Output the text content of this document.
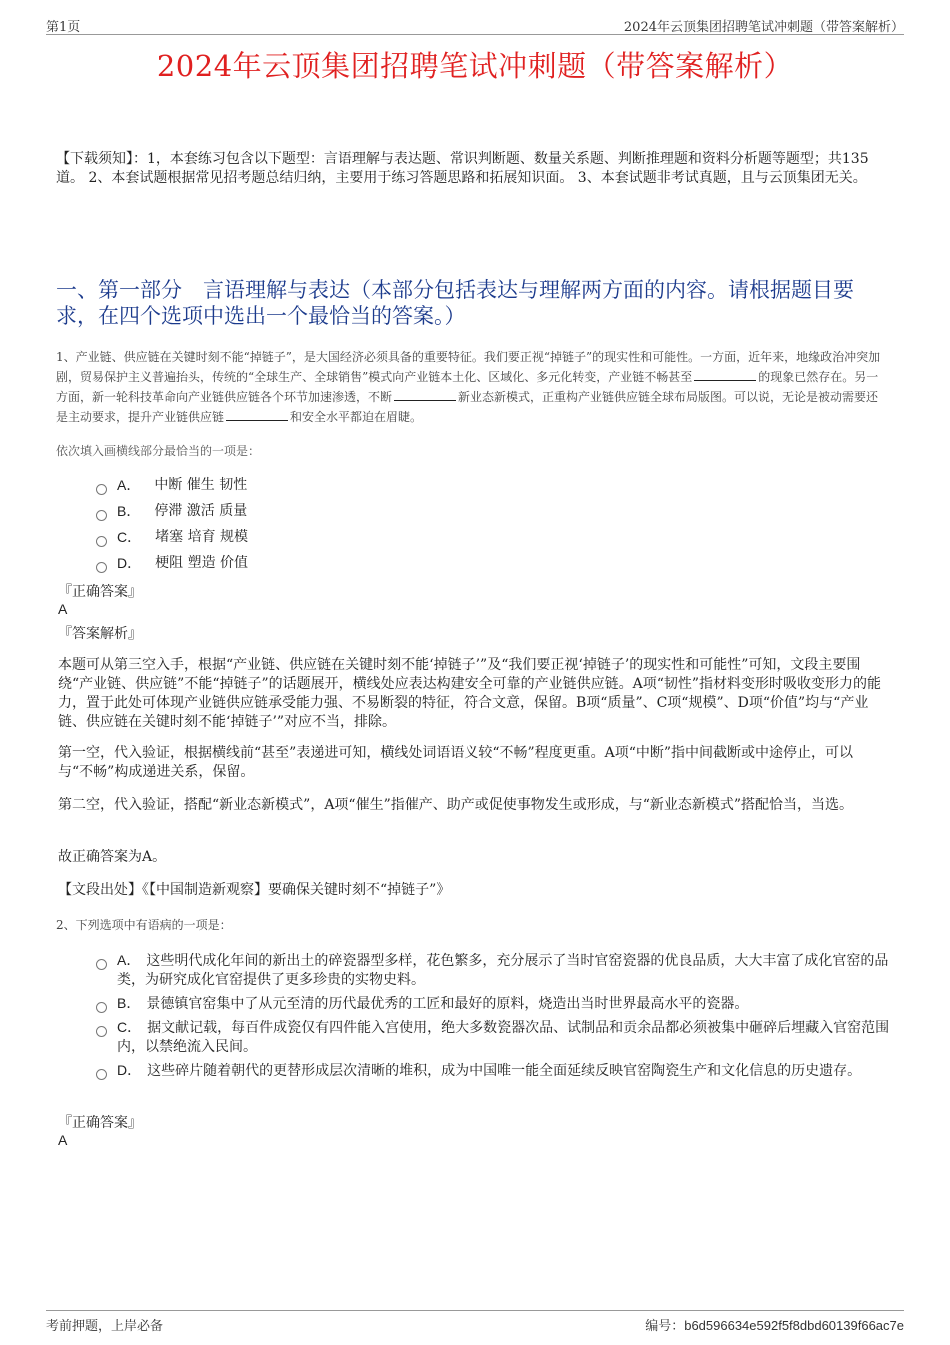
第1页	2024年云顶集团招聘笔试冲刺题（带答案解析）
2024年云顶集团招聘笔试冲刺题（带答案解析）
【下载须知】：1，本套练习包含以下题型：言语理解与表达题、常识判断题、数量关系题、判断推理题和资料分析题等题型；共135道。 2、本套试题根据常见招考题总结归纳，主要用于练习答题思路和拓展知识面。 3、本套试题非考试真题，且与云顶集团无关。
一、第一部分　言语理解与表达（本部分包括表达与理解两方面的内容。请根据题目要求，在四个选项中选出一个最恰当的答案。）
1、产业链、供应链在关键时刻不能“掉链子”，是大国经济必须具备的重要特征。我们要正视“掉链子”的现实性和可能性。一方面，近年来，地缘政治冲突加剧，贸易保护主义普遍抬头，传统的“全球生产、全球销售”模式向产业链本土化、区域化、多元化转变，产业链不畅甚至	的现象已然存在。另一方面，新一轮科技革命向产业链供应链各个环节加速渗透，不断	新业态新模式，正重构产业链供应链全球布局版图。可以说，无论是被动需要还是主动要求，提升产业链供应链	和安全水平都迫在眉睫。
依次填入画横线部分最恰当的一项是：
A． 中断 催生 韧性
B． 停滞 激活 质量
C． 堵塞 培育 规模
D． 梗阻 塑造 价值
『正确答案』
A
『答案解析』
本题可从第三空入手，根据“产业链、供应链在关键时刻不能‘掉链子’”及“我们要正视‘掉链子’的现实性和可能性”可知，文段主要围绕“产业链、供应链”不能“掉链子”的话题展开，横线处应表达构建安全可靠的产业链供应链。A项“韧性”指材料变形时吸收变形力的能力，置于此处可体现产业链供应链承受能力强、不易断裂的特征，符合文意，保留。B项“质量”、C项“规模”、D项“价值”均与“产业链、供应链在关键时刻不能‘掉链子’”对应不当，排除。
第一空，代入验证，根据横线前“甚至”表递进可知，横线处词语语义较“不畅”程度更重。A项“中断”指中间截断或中途停止，可以与“不畅”构成递进关系，保留。
第二空，代入验证，搭配“新业态新模式”，A项“催生”指催产、助产或促使事物发生或形成，与“新业态新模式”搭配恰当，当选。
故正确答案为A。
【文段出处】《【中国制造新观察】要确保关键时刻不“掉链子”》
2、下列选项中有语病的一项是：
A． 这些明代成化年间的新出土的碎瓷器型多样，花色繁多，充分展示了当时官窑瓷器的优良品质，大大丰富了成化官窑的品类，为研究成化官窑提供了更多珍贵的实物史料。
B． 景德镇官窑集中了从元至清的历代最优秀的工匠和最好的原料，烧造出当时世界最高水平的瓷器。
C． 据文献记载，每百件成瓷仅有四件能入宫使用，绝大多数瓷器次品、试制品和贡余品都必须被集中砸碎后埋藏入官窑范围内，以禁绝流入民间。
D． 这些碎片随着朝代的更替形成层次清晰的堆积，成为中国唯一能全面延续反映官窑陶瓷生产和文化信息的历史遗存。
『正确答案』
A
考前押题，上岸必备	编号：b6d596634e592f5f8dbd60139f66ac7e
